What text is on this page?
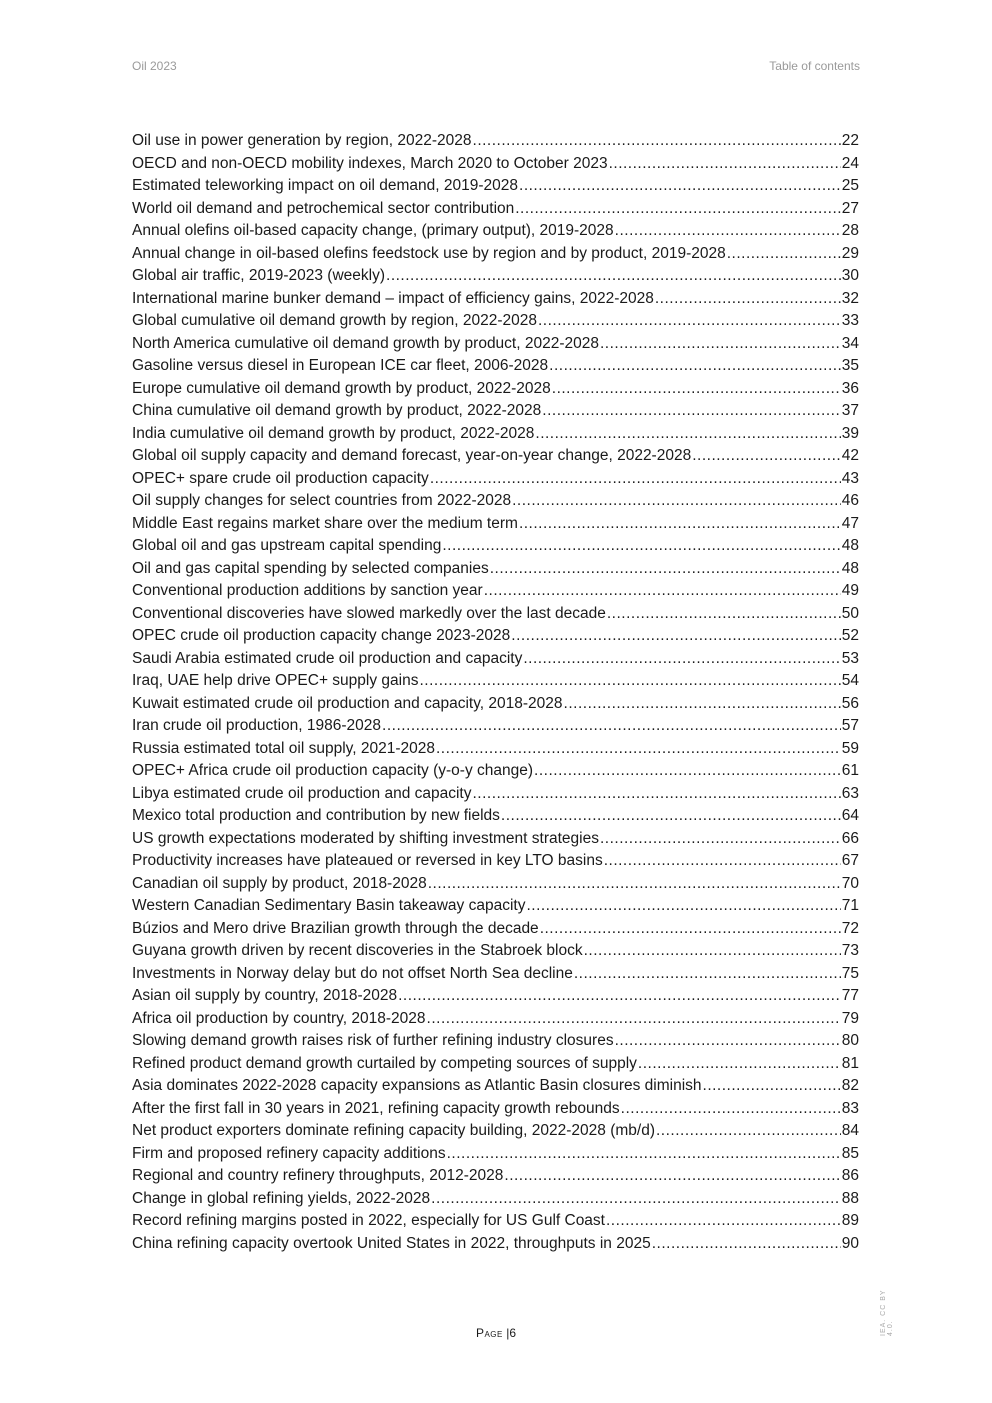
Oil 2023	Table of contents
Oil use in power generation by region, 2022-2028 .....	22
OECD and non-OECD mobility indexes, March 2020 to October 2023 .....	24
Estimated teleworking impact on oil demand, 2019-2028 .....	25
World oil demand and petrochemical sector contribution .....	27
Annual olefins oil-based capacity change, (primary output), 2019-2028 .....	28
Annual change in oil-based olefins feedstock use by region and by product, 2019-2028 .....	29
Global air traffic, 2019-2023 (weekly) .....	30
International marine bunker demand – impact of efficiency gains, 2022-2028 .....	32
Global cumulative oil demand growth by region, 2022-2028 .....	33
North America cumulative oil demand growth by product, 2022-2028 .....	34
Gasoline versus diesel in European ICE car fleet, 2006-2028 .....	35
Europe cumulative oil demand growth by product, 2022-2028 .....	36
China cumulative oil demand growth by product, 2022-2028 .....	37
India cumulative oil demand growth by product, 2022-2028 .....	39
Global oil supply capacity and demand forecast, year-on-year change, 2022-2028 .....	42
OPEC+ spare crude oil production capacity .....	43
Oil supply changes for select countries from 2022-2028 .....	46
Middle East regains market share over the medium term .....	47
Global oil and gas upstream capital spending .....	48
Oil and gas capital spending by selected companies .....	48
Conventional production additions by sanction year .....	49
Conventional discoveries have slowed markedly over the last decade .....	50
OPEC crude oil production capacity change 2023-2028 .....	52
Saudi Arabia estimated crude oil production and capacity .....	53
Iraq, UAE help drive OPEC+ supply gains .....	54
Kuwait estimated crude oil production and capacity, 2018-2028 .....	56
Iran crude oil production, 1986-2028 .....	57
Russia estimated total oil supply, 2021-2028 .....	59
OPEC+ Africa crude oil production capacity (y-o-y change) .....	61
Libya estimated crude oil production and capacity .....	63
Mexico total production and contribution by new fields .....	64
US growth expectations moderated by shifting investment strategies .....	66
Productivity increases have plateaued or reversed in key LTO basins .....	67
Canadian oil supply by product, 2018-2028 .....	70
Western Canadian Sedimentary Basin takeaway capacity .....	71
Búzios and Mero drive Brazilian growth through the decade .....	72
Guyana growth driven by recent discoveries in the Stabroek block .....	73
Investments in Norway delay but do not offset North Sea decline .....	75
Asian oil supply by country, 2018-2028 .....	77
Africa oil production by country, 2018-2028 .....	79
Slowing demand growth raises risk of further refining industry closures .....	80
Refined product demand growth curtailed by competing sources of supply .....	81
Asia dominates 2022-2028 capacity expansions as Atlantic Basin closures diminish .....	82
After the first fall in 30 years in 2021, refining capacity growth rebounds .....	83
Net product exporters dominate refining capacity building, 2022-2028 (mb/d) .....	84
Firm and proposed refinery capacity additions .....	85
Regional and country refinery throughputs, 2012-2028 .....	86
Change in global refining yields, 2022-2028 .....	88
Record refining margins posted in 2022, especially for US Gulf Coast .....	89
China refining capacity overtook United States in 2022, throughputs in 2025 .....	90
Page |6	IEA. CC BY 4.0.
